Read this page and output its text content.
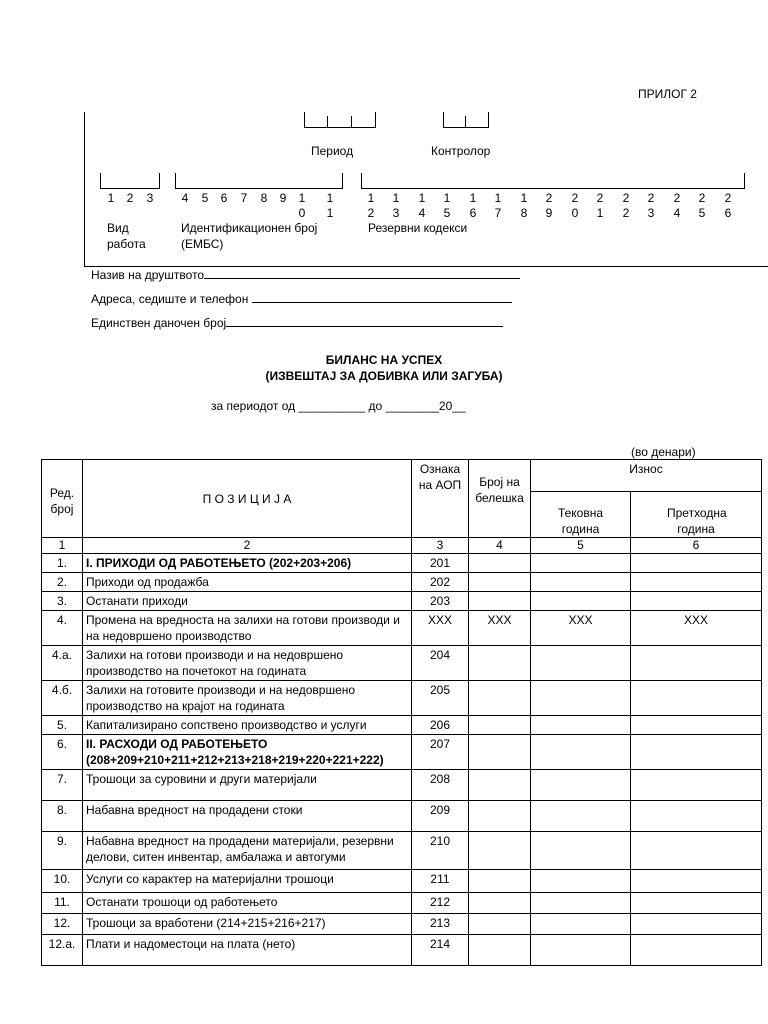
ПРИЛОГ 2
Период	Контролор
1	2	3	4	5	6	7	8	9	1	1
0	1
1	1	1	1	1	1	1	2	2	2	2	2	2	2	2
2	3	4	5	6	7	8	9	0	1	2	3	4	5	6
Вид
работа
Идентификационен број
(ЕМБС)
Резервни кодекси
Назив на друштвото
Адреса, седиште и телефон
Единствен даночен број
БИЛАНС НА УСПЕХ
(ИЗВЕШТАЈ ЗА ДОБИВКА ИЛИ ЗАГУБА)
за периодот од __________ до ________20__
(во денари)
Ред. број	П О З И Ц И Ј А	Ознака на АОП	Број на белешка	Износ	
				Тековна година	Претходна година
1	2	3	4	5	6
1.	I. ПРИХОДИ ОД РАБОТЕЊЕТО (202+203+206)	201			
2.	Приходи од продажба	202			
3.	Останати приходи	203			
4.	Промена на вредноста на залихи на готови производи и на недовршено производство	XXX	XXX	XXX	XXX
4.а.	Залихи на готови производи и на недовршено производство на почетокот на годината	204			
4.б.	Залихи на готовите производи и на недовршено производство на крајот на годината	205			
5.	Капитализирано сопствено производство и услуги	206			
6.	II. РАСХОДИ ОД РАБОТЕЊЕТО (208+209+210+211+212+213+218+219+220+221+222)	207			
7.	Трошоци за суровини и други материјали	208			
8.	Набавна вредност на продадени стоки	209			
9.	Набавна вредност на продадени материјали, резервни делови, ситен инвентар, амбалажа и автогуми	210			
10.	Услуги со карактер на материјални трошоци	211			
11.	Останати трошоци од работењето	212			
12.	Трошоци за вработени (214+215+216+217)	213			
12.а.	Плати и надоместоци на плата (нето)	214			
